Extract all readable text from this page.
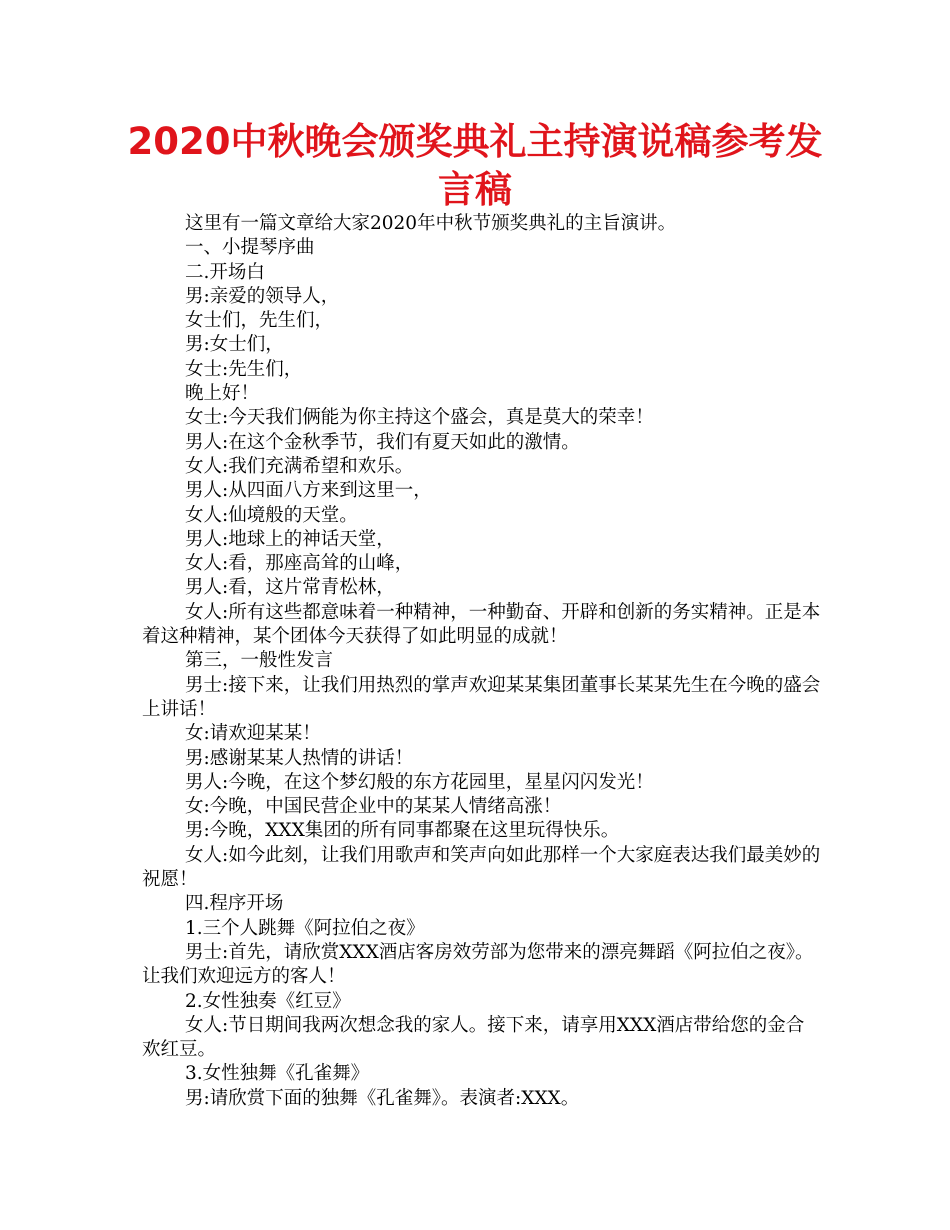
2020中秋晚会颁奖典礼主持演说稿参考发言稿

这里有一篇文章给大家2020年中秋节颁奖典礼的主旨演讲。

一、小提琴序曲

二.开场白

男:亲爱的领导人，

女士们，先生们，

男:女士们，

女士:先生们，

晚上好！

女士:今天我们俩能为你主持这个盛会，真是莫大的荣幸！

男人:在这个金秋季节，我们有夏天如此的激情。

女人:我们充满希望和欢乐。

男人:从四面八方来到这里一，

女人:仙境般的天堂。

男人:地球上的神话天堂，

女人:看，那座高耸的山峰，

男人:看，这片常青松林，

女人:所有这些都意味着一种精神，一种勤奋、开辟和创新的务实精神。正是本着这种精神，某个团体今天获得了如此明显的成就！

第三，一般性发言

男士:接下来，让我们用热烈的掌声欢迎某某集团董事长某某先生在今晚的盛会上讲话！

女:请欢迎某某！

男:感谢某某人热情的讲话！

男人:今晚，在这个梦幻般的东方花园里，星星闪闪发光！

女:今晚，中国民营企业中的某某人情绪高涨！

男:今晚，XXX集团的所有同事都聚在这里玩得快乐。

女人:如今此刻，让我们用歌声和笑声向如此那样一个大家庭表达我们最美妙的祝愿！

四.程序开场

1.三个人跳舞《阿拉伯之夜》

男士:首先，请欣赏XXX酒店客房效劳部为您带来的漂亮舞蹈《阿拉伯之夜》。让我们欢迎远方的客人！

2.女性独奏《红豆》

女人:节日期间我两次想念我的家人。接下来，请享用XXX酒店带给您的金合欢红豆。

3.女性独舞《孔雀舞》

男:请欣赏下面的独舞《孔雀舞》。表演者:XXX。
